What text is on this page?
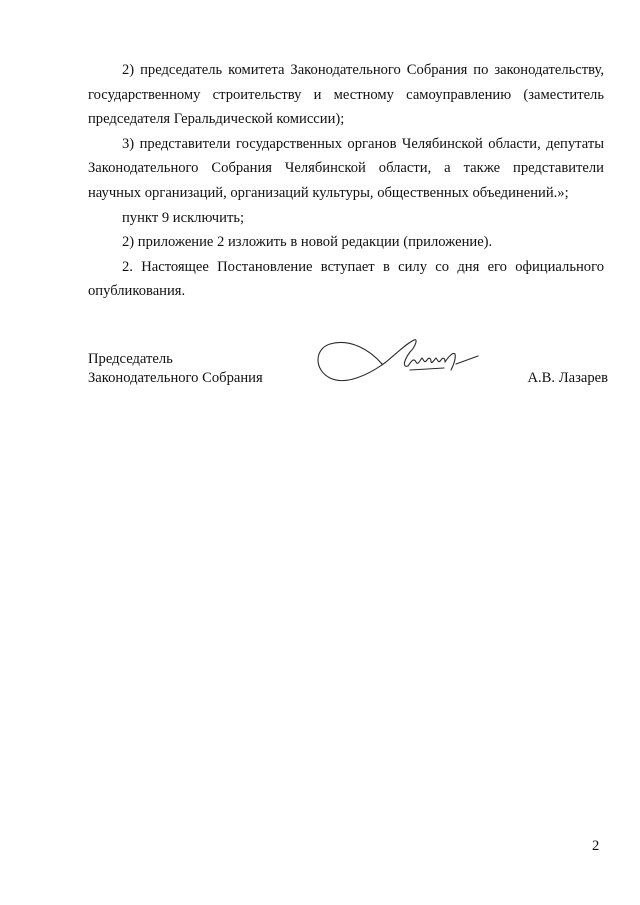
2) председатель комитета Законодательного Собрания по законодательству, государственному строительству и местному самоуправлению (заместитель председателя Геральдической комиссии);

3) представители государственных органов Челябинской области, депутаты Законодательного Собрания Челябинской области, а также представители научных организаций, организаций культуры, общественных объединений.»;

пункт 9 исключить;

2) приложение 2 изложить в новой редакции (приложение).

2. Настоящее Постановление вступает в силу со дня его официального опубликования.

Председатель
Законодательного Собрания	А.В. Лазарев
2
